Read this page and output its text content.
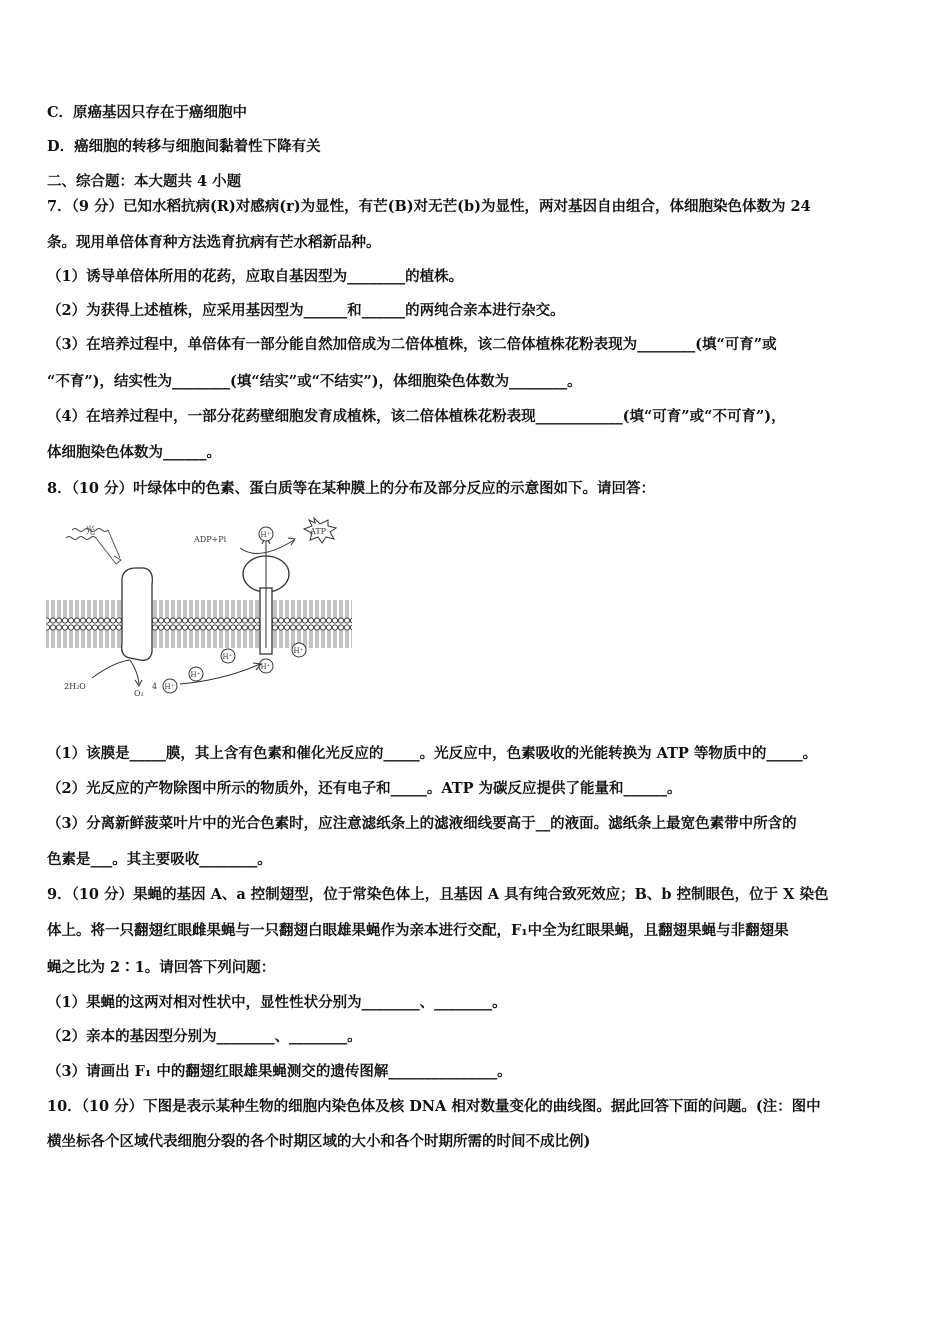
C．原癌基因只存在于癌细胞中
D．癌细胞的转移与细胞间黏着性下降有关
二、综合题：本大题共 4 小题
7．（9 分）已知水稻抗病(R)对感病(r)为显性，有芒(B)对无芒(b)为显性，两对基因自由组合，体细胞染色体数为 24
条。现用单倍体育种方法选育抗病有芒水稻新品种。
（1）诱导单倍体所用的花药，应取自基因型为________的植株。
（2）为获得上述植株，应采用基因型为______和______的两纯合亲本进行杂交。
（3）在培养过程中，单倍体有一部分能自然加倍成为二倍体植株，该二倍体植株花粉表现为________(填“可育”或
“不育”)，结实性为________(填“结实”或“不结实”)，体细胞染色体数为________。
（4）在培养过程中，一部分花药壁细胞发育成植株，该二倍体植株花粉表现____________(填“可育”或“不可育”)，
体细胞染色体数为______。
8．（10 分）叶绿体中的色素、蛋白质等在某种膜上的分布及部分反应的示意图如下。请回答：
光
ADP+Pi
ATP
H⁺
H⁺
H⁺
H⁺
H⁺
2H₂O
O₂
4 H⁺
（1）该膜是_____膜，其上含有色素和催化光反应的_____。光反应中，色素吸收的光能转换为 ATP 等物质中的_____。
（2）光反应的产物除图中所示的物质外，还有电子和_____。ATP 为碳反应提供了能量和______。
（3）分离新鲜菠菜叶片中的光合色素时，应注意滤纸条上的滤液细线要高于__的液面。滤纸条上最宽色素带中所含的
色素是___。其主要吸收________。
9．（10 分）果蝇的基因 A、a 控制翅型，位于常染色体上，且基因 A 具有纯合致死效应；B、b 控制眼色，位于 X 染色
体上。将一只翻翅红眼雌果蝇与一只翻翅白眼雄果蝇作为亲本进行交配，F₁中全为红眼果蝇，且翻翅果蝇与非翻翅果
蝇之比为 2∶1。请回答下列问题：
（1）果蝇的这两对相对性状中，显性性状分别为________、________。
（2）亲本的基因型分别为________、________。
（3）请画出 F₁ 中的翻翅红眼雄果蝇测交的遗传图解_______________。
10．（10 分）下图是表示某种生物的细胞内染色体及核 DNA 相对数量变化的曲线图。据此回答下面的问题。(注：图中
横坐标各个区域代表细胞分裂的各个时期区域的大小和各个时期所需的时间不成比例)
